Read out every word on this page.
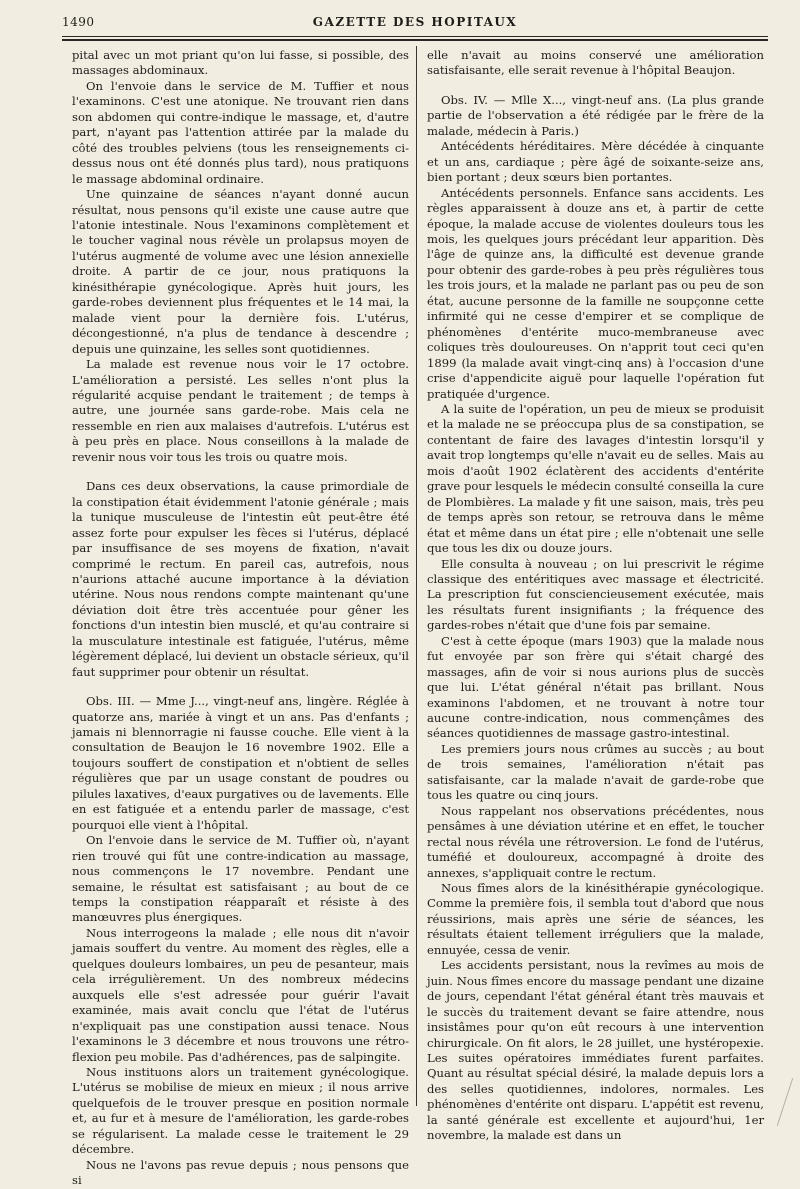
1490	GAZETTE DES HOPITAUX

pital avec un mot priant qu'on lui fasse, si possible, des massages abdominaux.

On l'envoie dans le service de M. Tuffier et nous l'examinons. C'est une atonique. Ne trouvant rien dans son abdomen qui contre-indique le massage, et, d'autre part, n'ayant pas l'attention attirée par la malade du côté des troubles pelviens (tous les renseignements ci-dessus nous ont été donnés plus tard), nous pratiquons le massage abdominal ordinaire.

Une quinzaine de séances n'ayant donné aucun résultat, nous pensons qu'il existe une cause autre que l'atonie intestinale. Nous l'examinons complètement et le toucher vaginal nous révèle un prolapsus moyen de l'utérus augmenté de volume avec une lésion annexielle droite. A partir de ce jour, nous pratiquons la kinésithérapie gynécologique. Après huit jours, les garde-robes deviennent plus fréquentes et le 14 mai, la malade vient pour la dernière fois. L'utérus, décongestionné, n'a plus de tendance à descendre ; depuis une quinzaine, les selles sont quotidiennes.

La malade est revenue nous voir le 17 octobre. L'amélioration a persisté. Les selles n'ont plus la régularité acquise pendant le traitement ; de temps à autre, une journée sans garde-robe. Mais cela ne ressemble en rien aux malaises d'autrefois. L'utérus est à peu près en place. Nous conseillons à la malade de revenir nous voir tous les trois ou quatre mois.

Dans ces deux observations, la cause primordiale de la constipation était évidemment l'atonie générale ; mais la tunique musculeuse de l'intestin eût peut-être été assez forte pour expulser les fèces si l'utérus, déplacé par insuffisance de ses moyens de fixation, n'avait comprimé le rectum. En pareil cas, autrefois, nous n'aurions attaché aucune importance à la déviation utérine. Nous nous rendons compte maintenant qu'une déviation doit être très accentuée pour gêner les fonctions d'un intestin bien musclé, et qu'au contraire si la musculature intestinale est fatiguée, l'utérus, même légèrement déplacé, lui devient un obstacle sérieux, qu'il faut supprimer pour obtenir un résultat.

Obs. III. — Mme J..., vingt-neuf ans, lingère. Réglée à quatorze ans, mariée à vingt et un ans. Pas d'enfants ; jamais ni blennorragie ni fausse couche. Elle vient à la consultation de Beaujon le 16 novembre 1902. Elle a toujours souffert de constipation et n'obtient de selles régulières que par un usage constant de poudres ou pilules laxatives, d'eaux purgatives ou de lavements. Elle en est fatiguée et a entendu parler de massage, c'est pourquoi elle vient à l'hôpital.

On l'envoie dans le service de M. Tuffier où, n'ayant rien trouvé qui fût une contre-indication au massage, nous commençons le 17 novembre. Pendant une semaine, le résultat est satisfaisant ; au bout de ce temps la constipation réapparaît et résiste à des manœuvres plus énergiques.

Nous interrogeons la malade ; elle nous dit n'avoir jamais souffert du ventre. Au moment des règles, elle a quelques douleurs lombaires, un peu de pesanteur, mais cela irrégulièrement. Un des nombreux médecins auxquels elle s'est adressée pour guérir l'avait examinée, mais avait conclu que l'état de l'utérus n'expliquait pas une constipation aussi tenace. Nous l'examinons le 3 décembre et nous trouvons une rétro-flexion peu mobile. Pas d'adhérences, pas de salpingite.

Nous instituons alors un traitement gynécologique. L'utérus se mobilise de mieux en mieux ; il nous arrive quelquefois de le trouver presque en position normale et, au fur et à mesure de l'amélioration, les garde-robes se régularisent. La malade cesse le traitement le 29 décembre.

Nous ne l'avons pas revue depuis ; nous pensons que si

elle n'avait au moins conservé une amélioration satisfaisante, elle serait revenue à l'hôpital Beaujon.

Obs. IV. — Mlle X..., vingt-neuf ans. (La plus grande partie de l'observation a été rédigée par le frère de la malade, médecin à Paris.)

Antécédents héréditaires. Mère décédée à cinquante et un ans, cardiaque ; père âgé de soixante-seize ans, bien portant ; deux sœurs bien portantes.

Antécédents personnels. Enfance sans accidents. Les règles apparaissent à douze ans et, à partir de cette époque, la malade accuse de violentes douleurs tous les mois, les quelques jours précédant leur apparition. Dès l'âge de quinze ans, la difficulté est devenue grande pour obtenir des garde-robes à peu près régulières tous les trois jours, et la malade ne parlant pas ou peu de son état, aucune personne de la famille ne soupçonne cette infirmité qui ne cesse d'empirer et se complique de phénomènes d'entérite muco-membraneuse avec coliques très douloureuses. On n'apprit tout ceci qu'en 1899 (la malade avait vingt-cinq ans) à l'occasion d'une crise d'appendicite aiguë pour laquelle l'opération fut pratiquée d'urgence.

A la suite de l'opération, un peu de mieux se produisit et la malade ne se préoccupa plus de sa constipation, se contentant de faire des lavages d'intestin lorsqu'il y avait trop longtemps qu'elle n'avait eu de selles. Mais au mois d'août 1902 éclatèrent des accidents d'entérite grave pour lesquels le médecin consulté conseilla la cure de Plombières. La malade y fit une saison, mais, très peu de temps après son retour, se retrouva dans le même état et même dans un état pire ; elle n'obtenait une selle que tous les dix ou douze jours.

Elle consulta à nouveau ; on lui prescrivit le régime classique des entéritiques avec massage et électricité. La prescription fut consciencieusement exécutée, mais les résultats furent insignifiants ; la fréquence des gardes-robes n'était que d'une fois par semaine.

C'est à cette époque (mars 1903) que la malade nous fut envoyée par son frère qui s'était chargé des massages, afin de voir si nous aurions plus de succès que lui. L'état général n'était pas brillant. Nous examinons l'abdomen, et ne trouvant à notre tour aucune contre-indication, nous commençâmes des séances quotidiennes de massage gastro-intestinal.

Les premiers jours nous crûmes au succès ; au bout de trois semaines, l'amélioration n'était pas satisfaisante, car la malade n'avait de garde-robe que tous les quatre ou cinq jours.

Nous rappelant nos observations précédentes, nous pensâmes à une déviation utérine et en effet, le toucher rectal nous révéla une rétroversion. Le fond de l'utérus, tuméfié et douloureux, accompagné à droite des annexes, s'appliquait contre le rectum.

Nous fîmes alors de la kinésithérapie gynécologique. Comme la première fois, il sembla tout d'abord que nous réussirions, mais après une série de séances, les résultats étaient tellement irréguliers que la malade, ennuyée, cessa de venir.

Les accidents persistant, nous la revîmes au mois de juin. Nous fîmes encore du massage pendant une dizaine de jours, cependant l'état général étant très mauvais et le succès du traitement devant se faire attendre, nous insistâmes pour qu'on eût recours à une intervention chirurgicale. On fit alors, le 28 juillet, une hystéropexie. Les suites opératoires immédiates furent parfaites. Quant au résultat spécial désiré, la malade depuis lors a des selles quotidiennes, indolores, normales. Les phénomènes d'entérite ont disparu. L'appétit est revenu, la santé générale est excellente et aujourd'hui, 1er novembre, la malade est dans un
